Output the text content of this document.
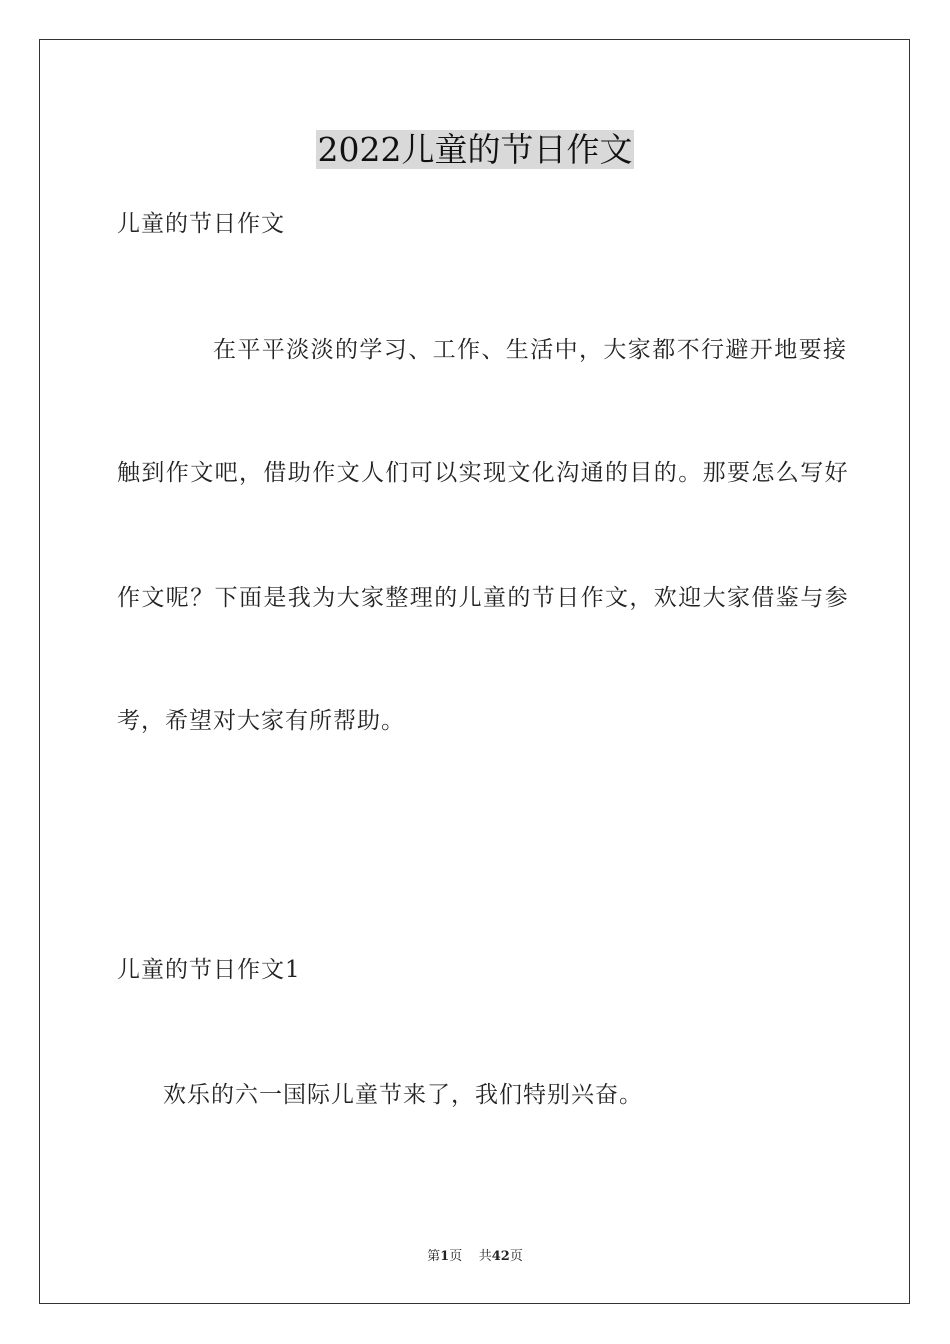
2022儿童的节日作文
儿童的节日作文
在平平淡淡的学习、工作、生活中，大家都不行避开地要接
触到作文吧，借助作文人们可以实现文化沟通的目的。那要怎么写好
作文呢？下面是我为大家整理的儿童的节日作文，欢迎大家借鉴与参
考，希望对大家有所帮助。
儿童的节日作文1
欢乐的六一国际儿童节来了，我们特别兴奋。
第1页 共42页
